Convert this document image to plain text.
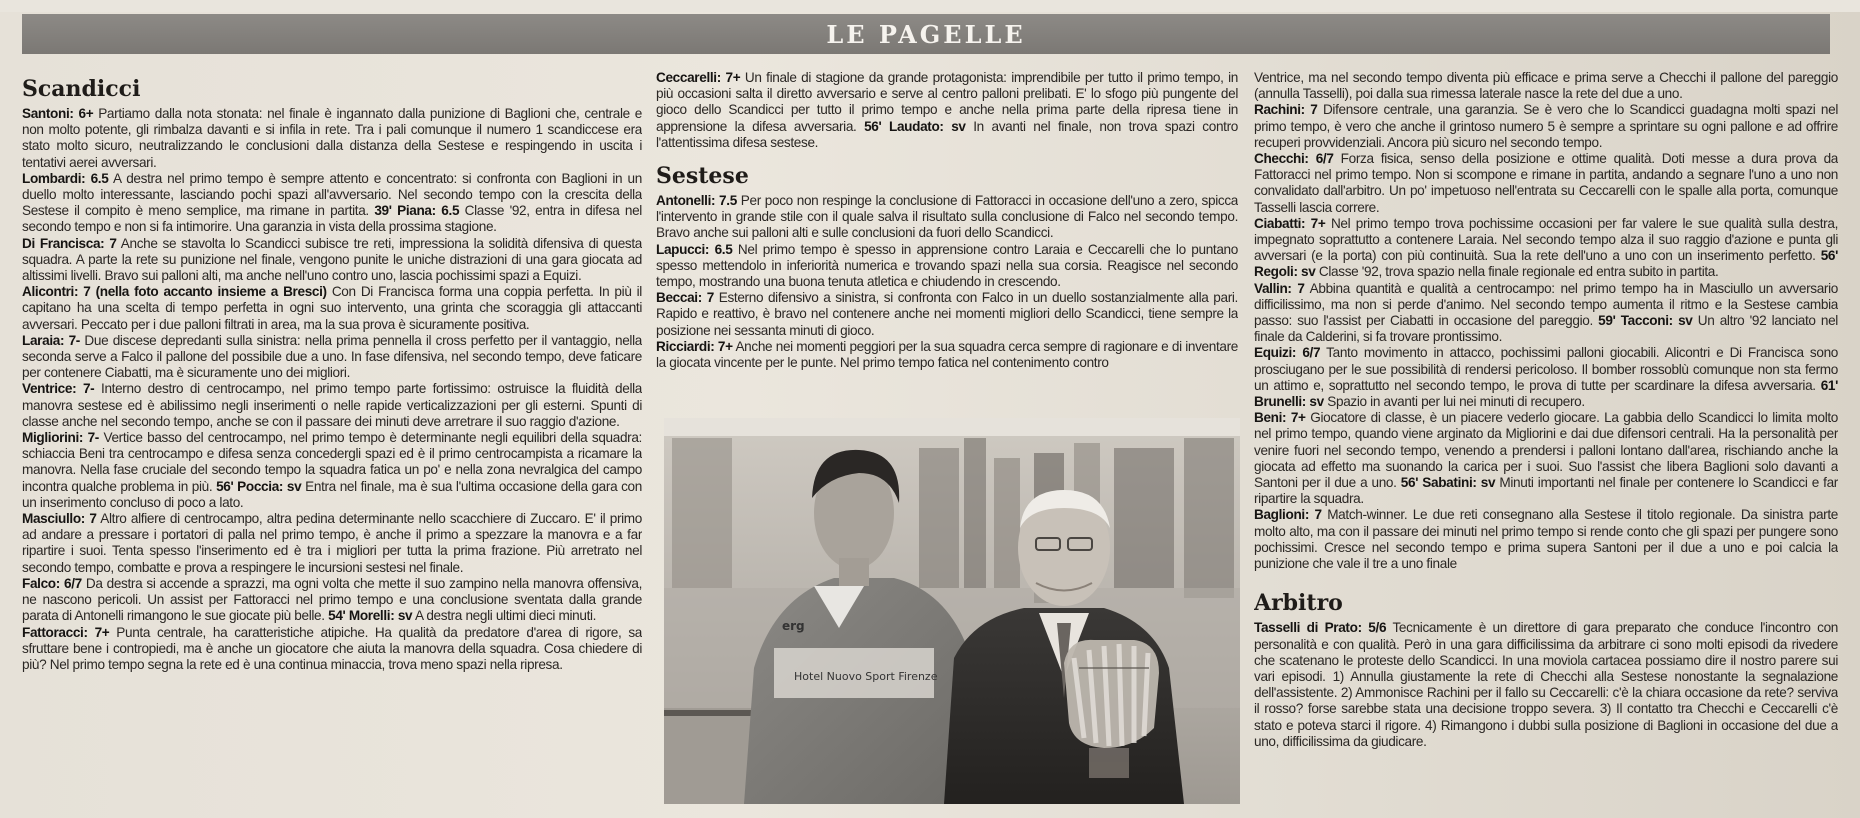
LE PAGELLE
Scandicci

Santoni: 6+ Partiamo dalla nota stonata: nel finale è ingannato dalla punizione di Baglioni che, centrale e non molto potente, gli rimbalza davanti e si infila in rete. Tra i pali comunque il numero 1 scandiccese era stato molto sicuro, neutralizzando le conclusioni dalla distanza della Sestese e respingendo in uscita i tentativi aerei avversari.

Lombardi: 6.5 A destra nel primo tempo è sempre attento e concentrato: si confronta con Baglioni in un duello molto interessante, lasciando pochi spazi all'avversario. Nel secondo tempo con la crescita della Sestese il compito è meno semplice, ma rimane in partita. 39' Piana: 6.5 Classe '92, entra in difesa nel secondo tempo e non si fa intimorire. Una garanzia in vista della prossima stagione.

Di Francisca: 7 Anche se stavolta lo Scandicci subisce tre reti, impressiona la solidità difensiva di questa squadra. A parte la rete su punizione nel finale, vengono punite le uniche distrazioni di una gara giocata ad altissimi livelli. Bravo sui palloni alti, ma anche nell'uno contro uno, lascia pochissimi spazi a Equizi.

Alicontri: 7 (nella foto accanto insieme a Bresci) Con Di Francisca forma una coppia perfetta. In più il capitano ha una scelta di tempo perfetta in ogni suo intervento, una grinta che scoraggia gli attaccanti avversari. Peccato per i due palloni filtrati in area, ma la sua prova è sicuramente positiva.

Laraia: 7- Due discese depredanti sulla sinistra: nella prima pennella il cross perfetto per il vantaggio, nella seconda serve a Falco il pallone del possibile due a uno. In fase difensiva, nel secondo tempo, deve faticare per contenere Ciabatti, ma è sicuramente uno dei migliori.

Ventrice: 7- Interno destro di centrocampo, nel primo tempo parte fortissimo: ostruisce la fluidità della manovra sestese ed è abilissimo negli inserimenti o nelle rapide verticalizzazioni per gli esterni. Spunti di classe anche nel secondo tempo, anche se con il passare dei minuti deve arretrare il suo raggio d'azione.

Migliorini: 7- Vertice basso del centrocampo, nel primo tempo è determinante negli equilibri della squadra: schiaccia Beni tra centrocampo e difesa senza concedergli spazi ed è il primo centrocampista a ricamare la manovra. Nella fase cruciale del secondo tempo la squadra fatica un po' e nella zona nevralgica del campo incontra qualche problema in più. 56' Poccia: sv Entra nel finale, ma è sua l'ultima occasione della gara con un inserimento concluso di poco a lato.

Masciullo: 7 Altro alfiere di centrocampo, altra pedina determinante nello scacchiere di Zuccaro. E' il primo ad andare a pressare i portatori di palla nel primo tempo, è anche il primo a spezzare la manovra e a far ripartire i suoi. Tenta spesso l'inserimento ed è tra i migliori per tutta la prima frazione. Più arretrato nel secondo tempo, combatte e prova a respingere le incursioni sestesi nel finale.

Falco: 6/7 Da destra si accende a sprazzi, ma ogni volta che mette il suo zampino nella manovra offensiva, ne nascono pericoli. Un assist per Fattoracci nel primo tempo e una conclusione sventata dalla grande parata di Antonelli rimangono le sue giocate più belle. 54' Morelli: sv A destra negli ultimi dieci minuti.

Fattoracci: 7+ Punta centrale, ha caratteristiche atipiche. Ha qualità da predatore d'area di rigore, sa sfruttare bene i contropiedi, ma è anche un giocatore che aiuta la manovra della squadra. Cosa chiedere di più? Nel primo tempo segna la rete ed è una continua minaccia, trova meno spazi nella ripresa.

Ceccarelli: 7+ Un finale di stagione da grande protagonista: imprendibile per tutto il primo tempo, in più occasioni salta il diretto avversario e serve al centro palloni prelibati. E' lo sfogo più pungente del gioco dello Scandicci per tutto il primo tempo e anche nella prima parte della ripresa tiene in apprensione la difesa avversaria. 56' Laudato: sv In avanti nel finale, non trova spazi contro l'attentissima difesa sestese.

Sestese

Antonelli: 7.5 Per poco non respinge la conclusione di Fattoracci in occasione dell'uno a zero, spicca l'intervento in grande stile con il quale salva il risultato sulla conclusione di Falco nel secondo tempo. Bravo anche sui palloni alti e sulle conclusioni da fuori dello Scandicci.

Lapucci: 6.5 Nel primo tempo è spesso in apprensione contro Laraia e Ceccarelli che lo puntano spesso mettendolo in inferiorità numerica e trovando spazi nella sua corsia. Reagisce nel secondo tempo, mostrando una buona tenuta atletica e chiudendo in crescendo.

Beccai: 7 Esterno difensivo a sinistra, si confronta con Falco in un duello sostanzialmente alla pari. Rapido e reattivo, è bravo nel contenere anche nei momenti migliori dello Scandicci, tiene sempre la posizione nei sessanta minuti di gioco.

Ricciardi: 7+ Anche nei momenti peggiori per la sua squadra cerca sempre di ragionare e di inventare la giocata vincente per le punte. Nel primo tempo fatica nel contenimento contro

Hotel Nuovo Sport Firenze
erg

Ventrice, ma nel secondo tempo diventa più efficace e prima serve a Checchi il pallone del pareggio (annulla Tasselli), poi dalla sua rimessa laterale nasce la rete del due a uno.

Rachini: 7 Difensore centrale, una garanzia. Se è vero che lo Scandicci guadagna molti spazi nel primo tempo, è vero che anche il grintoso numero 5 è sempre a sprintare su ogni pallone e ad offrire recuperi provvidenziali. Ancora più sicuro nel secondo tempo.

Checchi: 6/7 Forza fisica, senso della posizione e ottime qualità. Doti messe a dura prova da Fattoracci nel primo tempo. Non si scompone e rimane in partita, andando a segnare l'uno a uno non convalidato dall'arbitro. Un po' impetuoso nell'entrata su Ceccarelli con le spalle alla porta, comunque Tasselli lascia correre.

Ciabatti: 7+ Nel primo tempo trova pochissime occasioni per far valere le sue qualità sulla destra, impegnato soprattutto a contenere Laraia. Nel secondo tempo alza il suo raggio d'azione e punta gli avversari (e la porta) con più continuità. Sua la rete dell'uno a uno con un inserimento perfetto. 56' Regoli: sv Classe '92, trova spazio nella finale regionale ed entra subito in partita.

Vallin: 7 Abbina quantità e qualità a centrocampo: nel primo tempo ha in Masciullo un avversario difficilissimo, ma non si perde d'animo. Nel secondo tempo aumenta il ritmo e la Sestese cambia passo: suo l'assist per Ciabatti in occasione del pareggio. 59' Tacconi: sv Un altro '92 lanciato nel finale da Calderini, si fa trovare prontissimo.

Equizi: 6/7 Tanto movimento in attacco, pochissimi palloni giocabili. Alicontri e Di Francisca sono prosciugano per le sue possibilità di rendersi pericoloso. Il bomber rossoblù comunque non sta fermo un attimo e, soprattutto nel secondo tempo, le prova di tutte per scardinare la difesa avversaria. 61' Brunelli: sv Spazio in avanti per lui nei minuti di recupero.

Beni: 7+ Giocatore di classe, è un piacere vederlo giocare. La gabbia dello Scandicci lo limita molto nel primo tempo, quando viene arginato da Migliorini e dai due difensori centrali. Ha la personalità per venire fuori nel secondo tempo, venendo a prendersi i palloni lontano dall'area, rischiando anche la giocata ad effetto ma suonando la carica per i suoi. Suo l'assist che libera Baglioni solo davanti a Santoni per il due a uno. 56' Sabatini: sv Minuti importanti nel finale per contenere lo Scandicci e far ripartire la squadra.

Baglioni: 7 Match-winner. Le due reti consegnano alla Sestese il titolo regionale. Da sinistra parte molto alto, ma con il passare dei minuti nel primo tempo si rende conto che gli spazi per pungere sono pochissimi. Cresce nel secondo tempo e prima supera Santoni per il due a uno e poi calcia la punizione che vale il tre a uno finale

Arbitro

Tasselli di Prato: 5/6 Tecnicamente è un direttore di gara preparato che conduce l'incontro con personalità e con qualità. Però in una gara difficilissima da arbitrare ci sono molti episodi da rivedere che scatenano le proteste dello Scandicci. In una moviola cartacea possiamo dire il nostro parere sui vari episodi. 1) Annulla giustamente la rete di Checchi alla Sestese nonostante la segnalazione dell'assistente. 2) Ammonisce Rachini per il fallo su Ceccarelli: c'è la chiara occasione da rete? serviva il rosso? forse sarebbe stata una decisione troppo severa. 3) Il contatto tra Checchi e Ceccarelli c'è stato e poteva starci il rigore. 4) Rimangono i dubbi sulla posizione di Baglioni in occasione del due a uno, difficilissima da giudicare.
